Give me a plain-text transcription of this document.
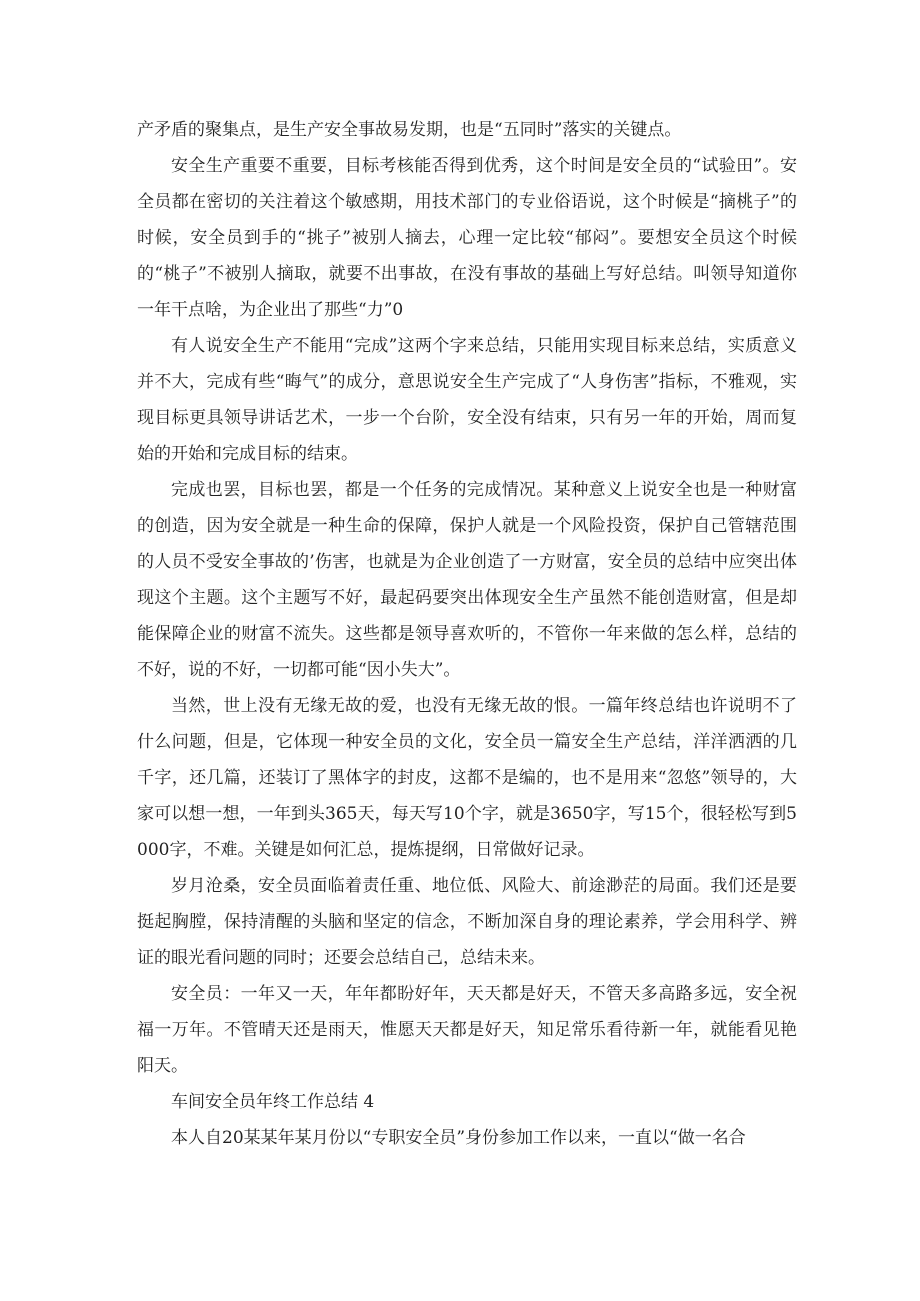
产矛盾的聚集点，是生产安全事故易发期，也是“五同时”落实的关键点。

安全生产重要不重要，目标考核能否得到优秀，这个时间是安全员的“试验田”。安全员都在密切的关注着这个敏感期，用技术部门的专业俗语说，这个时候是“摘桃子”的时候，安全员到手的“挑子”被别人摘去，心理一定比较“郁闷”。要想安全员这个时候的“桃子”不被别人摘取，就要不出事故，在没有事故的基础上写好总结。叫领导知道你一年干点啥，为企业出了那些“力”0

有人说安全生产不能用“完成”这两个字来总结，只能用实现目标来总结，实质意义并不大，完成有些“晦气”的成分，意思说安全生产完成了“人身伤害”指标，不雅观，实现目标更具领导讲话艺术，一步一个台阶，安全没有结束，只有另一年的开始，周而复始的开始和完成目标的结束。

完成也罢，目标也罢，都是一个任务的完成情况。某种意义上说安全也是一种财富的创造，因为安全就是一种生命的保障，保护人就是一个风险投资，保护自己管辖范围的人员不受安全事故的’伤害，也就是为企业创造了一方财富，安全员的总结中应突出体现这个主题。这个主题写不好，最起码要突出体现安全生产虽然不能创造财富，但是却能保障企业的财富不流失。这些都是领导喜欢听的，不管你一年来做的怎么样，总结的不好，说的不好，一切都可能“因小失大”。

当然，世上没有无缘无故的爱，也没有无缘无故的恨。一篇年终总结也许说明不了什么问题，但是，它体现一种安全员的文化，安全员一篇安全生产总结，洋洋洒洒的几千字，还几篇，还装订了黑体字的封皮，这都不是编的，也不是用来“忽悠”领导的，大家可以想一想，一年到头365天，每天写10个字，就是3650字，写15个，很轻松写到5000字，不难。关键是如何汇总，提炼提纲，日常做好记录。

岁月沧桑，安全员面临着责任重、地位低、风险大、前途渺茫的局面。我们还是要挺起胸膛，保持清醒的头脑和坚定的信念，不断加深自身的理论素养，学会用科学、辨证的眼光看问题的同时；还要会总结自己，总结未来。

安全员：一年又一天，年年都盼好年，天天都是好天，不管天多高路多远，安全祝福一万年。不管晴天还是雨天，惟愿天天都是好天，知足常乐看待新一年，就能看见艳阳天。

车间安全员年终工作总结 4

本人自20某某年某月份以“专职安全员”身份参加工作以来，一直以“做一名合
